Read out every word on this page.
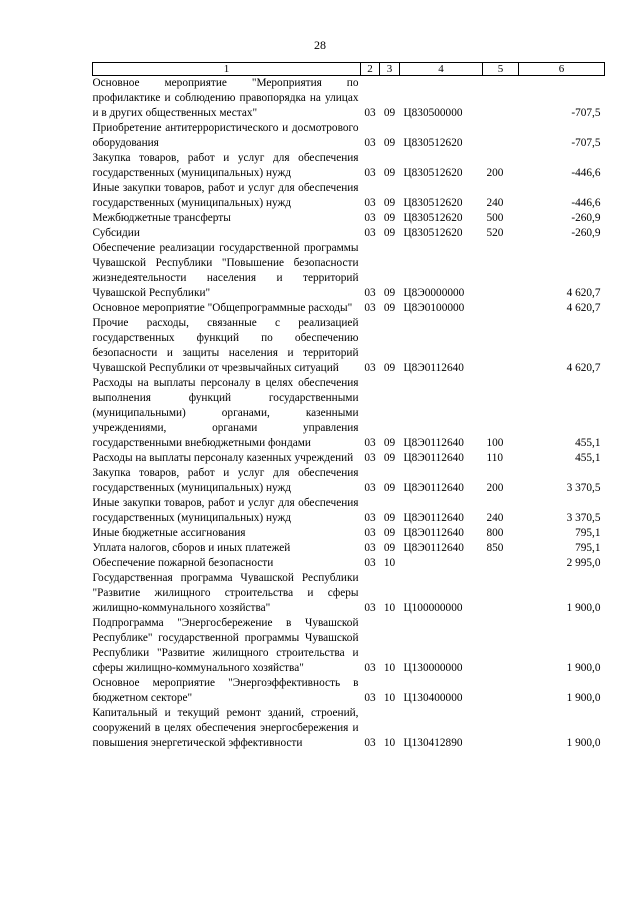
28
1	2	3	4	5	6
Основное мероприятие "Мероприятия по профилактике и соблюдению правопорядка на улицах и в других общественных местах"	03	09	Ц830500000		-707,5
Приобретение антитеррористического и досмотрового оборудования	03	09	Ц830512620		-707,5
Закупка товаров, работ и услуг для обеспечения государственных (муниципальных) нужд	03	09	Ц830512620	200	-446,6
Иные закупки товаров, работ и услуг для обеспечения государственных (муниципальных) нужд	03	09	Ц830512620	240	-446,6
Межбюджетные трансферты	03	09	Ц830512620	500	-260,9
Субсидии	03	09	Ц830512620	520	-260,9
Обеспечение реализации государственной программы Чувашской Республики "Повышение безопасности жизнедеятельности населения и территорий Чувашской Республики"	03	09	Ц8Э0000000		4 620,7
Основное мероприятие "Общепрограммные расходы"	03	09	Ц8Э0100000		4 620,7
Прочие расходы, связанные с реализацией государственных функций по обеспечению безопасности и защиты населения и территорий Чувашской Республики от чрезвычайных ситуаций	03	09	Ц8Э0112640		4 620,7
Расходы на выплаты персоналу в целях обеспечения выполнения функций государственными (муниципальными) органами, казенными учреждениями, органами управления государственными внебюджетными фондами	03	09	Ц8Э0112640	100	455,1
Расходы на выплаты персоналу казенных учреждений	03	09	Ц8Э0112640	110	455,1
Закупка товаров, работ и услуг для обеспечения государственных (муниципальных) нужд	03	09	Ц8Э0112640	200	3 370,5
Иные закупки товаров, работ и услуг для обеспечения государственных (муниципальных) нужд	03	09	Ц8Э0112640	240	3 370,5
Иные бюджетные ассигнования	03	09	Ц8Э0112640	800	795,1
Уплата налогов, сборов и иных платежей	03	09	Ц8Э0112640	850	795,1
Обеспечение пожарной безопасности	03	10			2 995,0
Государственная программа Чувашской Республики "Развитие жилищного строительства и сферы жилищно-коммунального хозяйства"	03	10	Ц100000000		1 900,0
Подпрограмма "Энергосбережение в Чувашской Республике" государственной программы Чувашской Республики "Развитие жилищного строительства и сферы жилищно-коммунального хозяйства"	03	10	Ц130000000		1 900,0
Основное мероприятие "Энергоэффективность в бюджетном секторе"	03	10	Ц130400000		1 900,0
Капитальный и текущий ремонт зданий, строений, сооружений в целях обеспечения энергосбережения и повышения энергетической эффективности	03	10	Ц130412890		1 900,0
